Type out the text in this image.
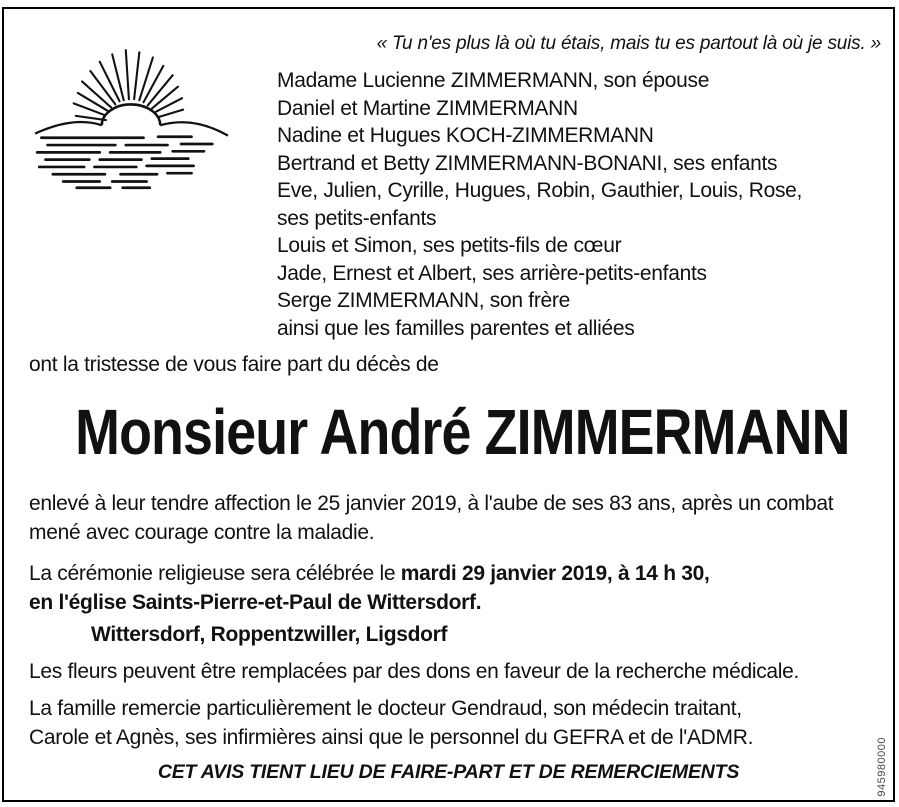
« Tu n'es plus là où tu étais, mais tu es partout là où je suis. »
Madame Lucienne ZIMMERMANN, son épouse
Daniel et Martine ZIMMERMANN
Nadine et Hugues KOCH-ZIMMERMANN
Bertrand et Betty ZIMMERMANN-BONANI, ses enfants
Eve, Julien, Cyrille, Hugues, Robin, Gauthier, Louis, Rose,
ses petits-enfants
Louis et Simon, ses petits-fils de cœur
Jade, Ernest et Albert, ses arrière-petits-enfants
Serge ZIMMERMANN, son frère
ainsi que les familles parentes et alliées
ont la tristesse de vous faire part du décès de
Monsieur André ZIMMERMANN
enlevé à leur tendre affection le 25 janvier 2019, à l'aube de ses 83 ans, après un combat
mené avec courage contre la maladie.
La cérémonie religieuse sera célébrée le mardi 29 janvier 2019, à 14 h 30,
en l'église Saints-Pierre-et-Paul de Wittersdorf.
Wittersdorf, Roppentzwiller, Ligsdorf
Les fleurs peuvent être remplacées par des dons en faveur de la recherche médicale.
La famille remercie particulièrement le docteur Gendraud, son médecin traitant,
Carole et Agnès, ses infirmières ainsi que le personnel du GEFRA et de l'ADMR.
CET AVIS TIENT LIEU DE FAIRE-PART ET DE REMERCIEMENTS	945980000
